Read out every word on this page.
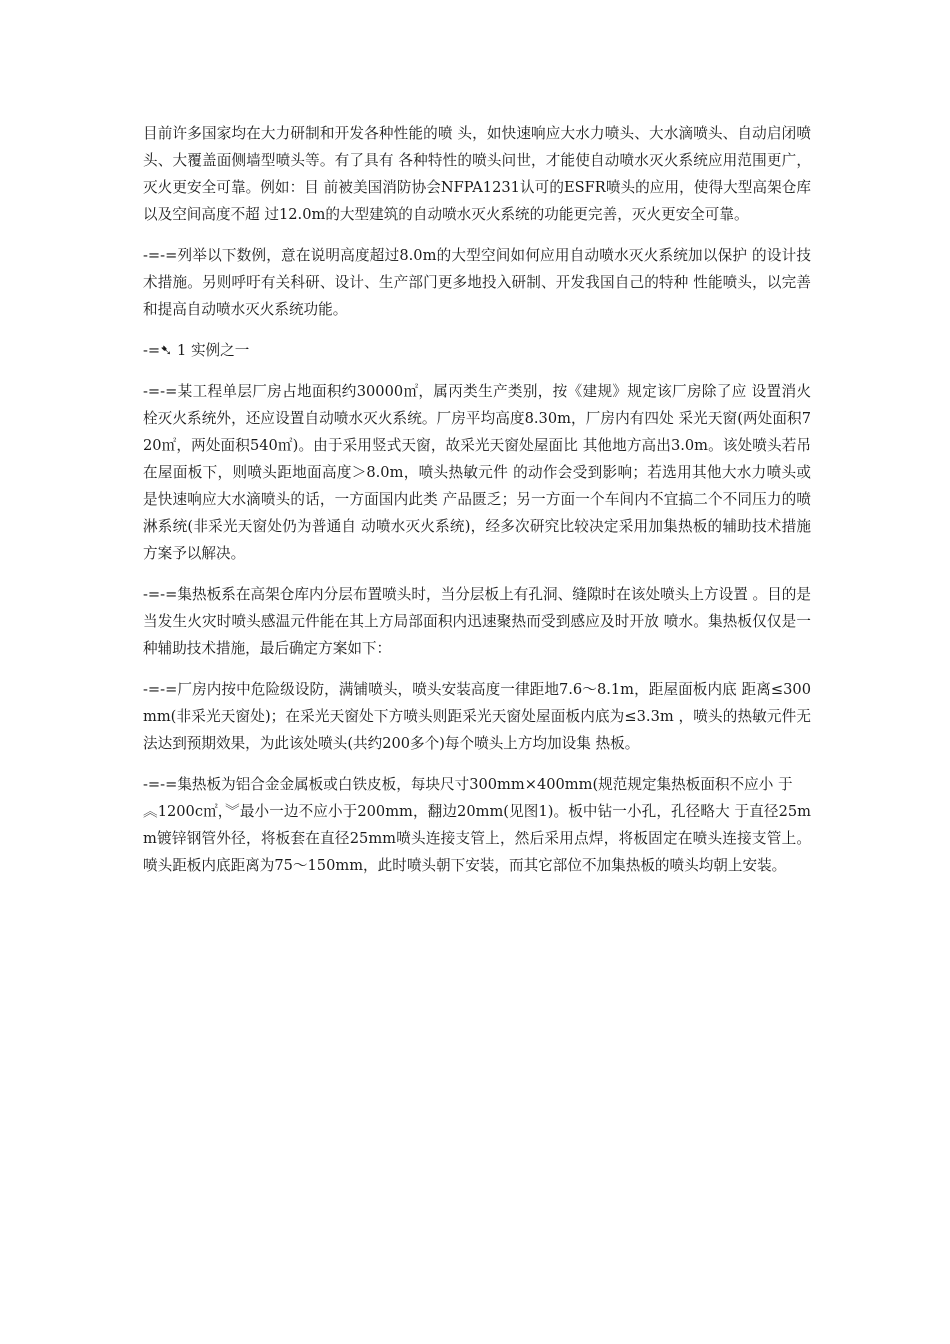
目前许多国家均在大力研制和开发各种性能的喷 头，如快速响应大水力喷头、大水滴喷头、自动启闭喷头、大覆盖面侧墙型喷头等。有了具有 各种特性的喷头问世，才能使自动喷水灭火系统应用范围更广，灭火更安全可靠。例如：目 前被美国消防协会NFPA1231认可的ESFR喷头的应用，使得大型高架仓库以及空间高度不超 过12.0m的大型建筑的自动喷水灭火系统的功能更完善，灭火更安全可靠。

-=-=列举以下数例，意在说明高度超过8.0m的大型空间如何应用自动喷水灭火系统加以保护 的设计技术措施。另则呼吁有关科研、设计、生产部门更多地投入研制、开发我国自己的特种 性能喷头，以完善和提高自动喷水灭火系统功能。

-=➷ 1 实例之一

-=-=某工程单层厂房占地面积约30000㎡，属丙类生产类别，按《建规》规定该厂房除了应 设置消火栓灭火系统外，还应设置自动喷水灭火系统。厂房平均高度8.30m，厂房内有四处 采光天窗(两处面积720㎡，两处面积540㎡)。由于采用竖式天窗，故采光天窗处屋面比 其他地方高出3.0m。该处喷头若吊在屋面板下，则喷头距地面高度＞8.0m，喷头热敏元件 的动作会受到影响；若选用其他大水力喷头或是快速响应大水滴喷头的话，一方面国内此类 产品匮乏；另一方面一个车间内不宜搞二个不同压力的喷淋系统(非采光天窗处仍为普通自 动喷水灭火系统)，经多次研究比较决定采用加集热板的辅助技术措施方案予以解决。

-=-=集热板系在高架仓库内分层布置喷头时，当分层板上有孔洞、缝隙时在该处喷头上方设置 。目的是当发生火灾时喷头感温元件能在其上方局部面积内迅速聚热而受到感应及时开放 喷水。集热板仅仅是一种辅助技术措施，最后确定方案如下：

-=-=厂房内按中危险级设防，满铺喷头，喷头安装高度一律距地7.6～8.1m，距屋面板内底 距离≤300mm(非采光天窗处)；在采光天窗处下方喷头则距采光天窗处屋面板内底为≤3.3m ，喷头的热敏元件无法达到预期效果，为此该处喷头(共约200多个)每个喷头上方均加设集 热板。

-=-=集热板为铝合金金属板或白铁皮板，每块尺寸300mm×400mm(规范规定集热板面积不应小 于
︽1200c㎡，︾最小一边不应小于200mm，翻边20mm(见图1)。板中钻一小孔，孔径略大 于直径25mm镀锌钢管外径，将板套在直径25mm喷头连接支管上，然后采用点焊，将板固定在喷头连接支管上。喷头距板内底距离为75～150mm，此时喷头朝下安装，而其它部位不加集热板的喷头均朝上安装。
